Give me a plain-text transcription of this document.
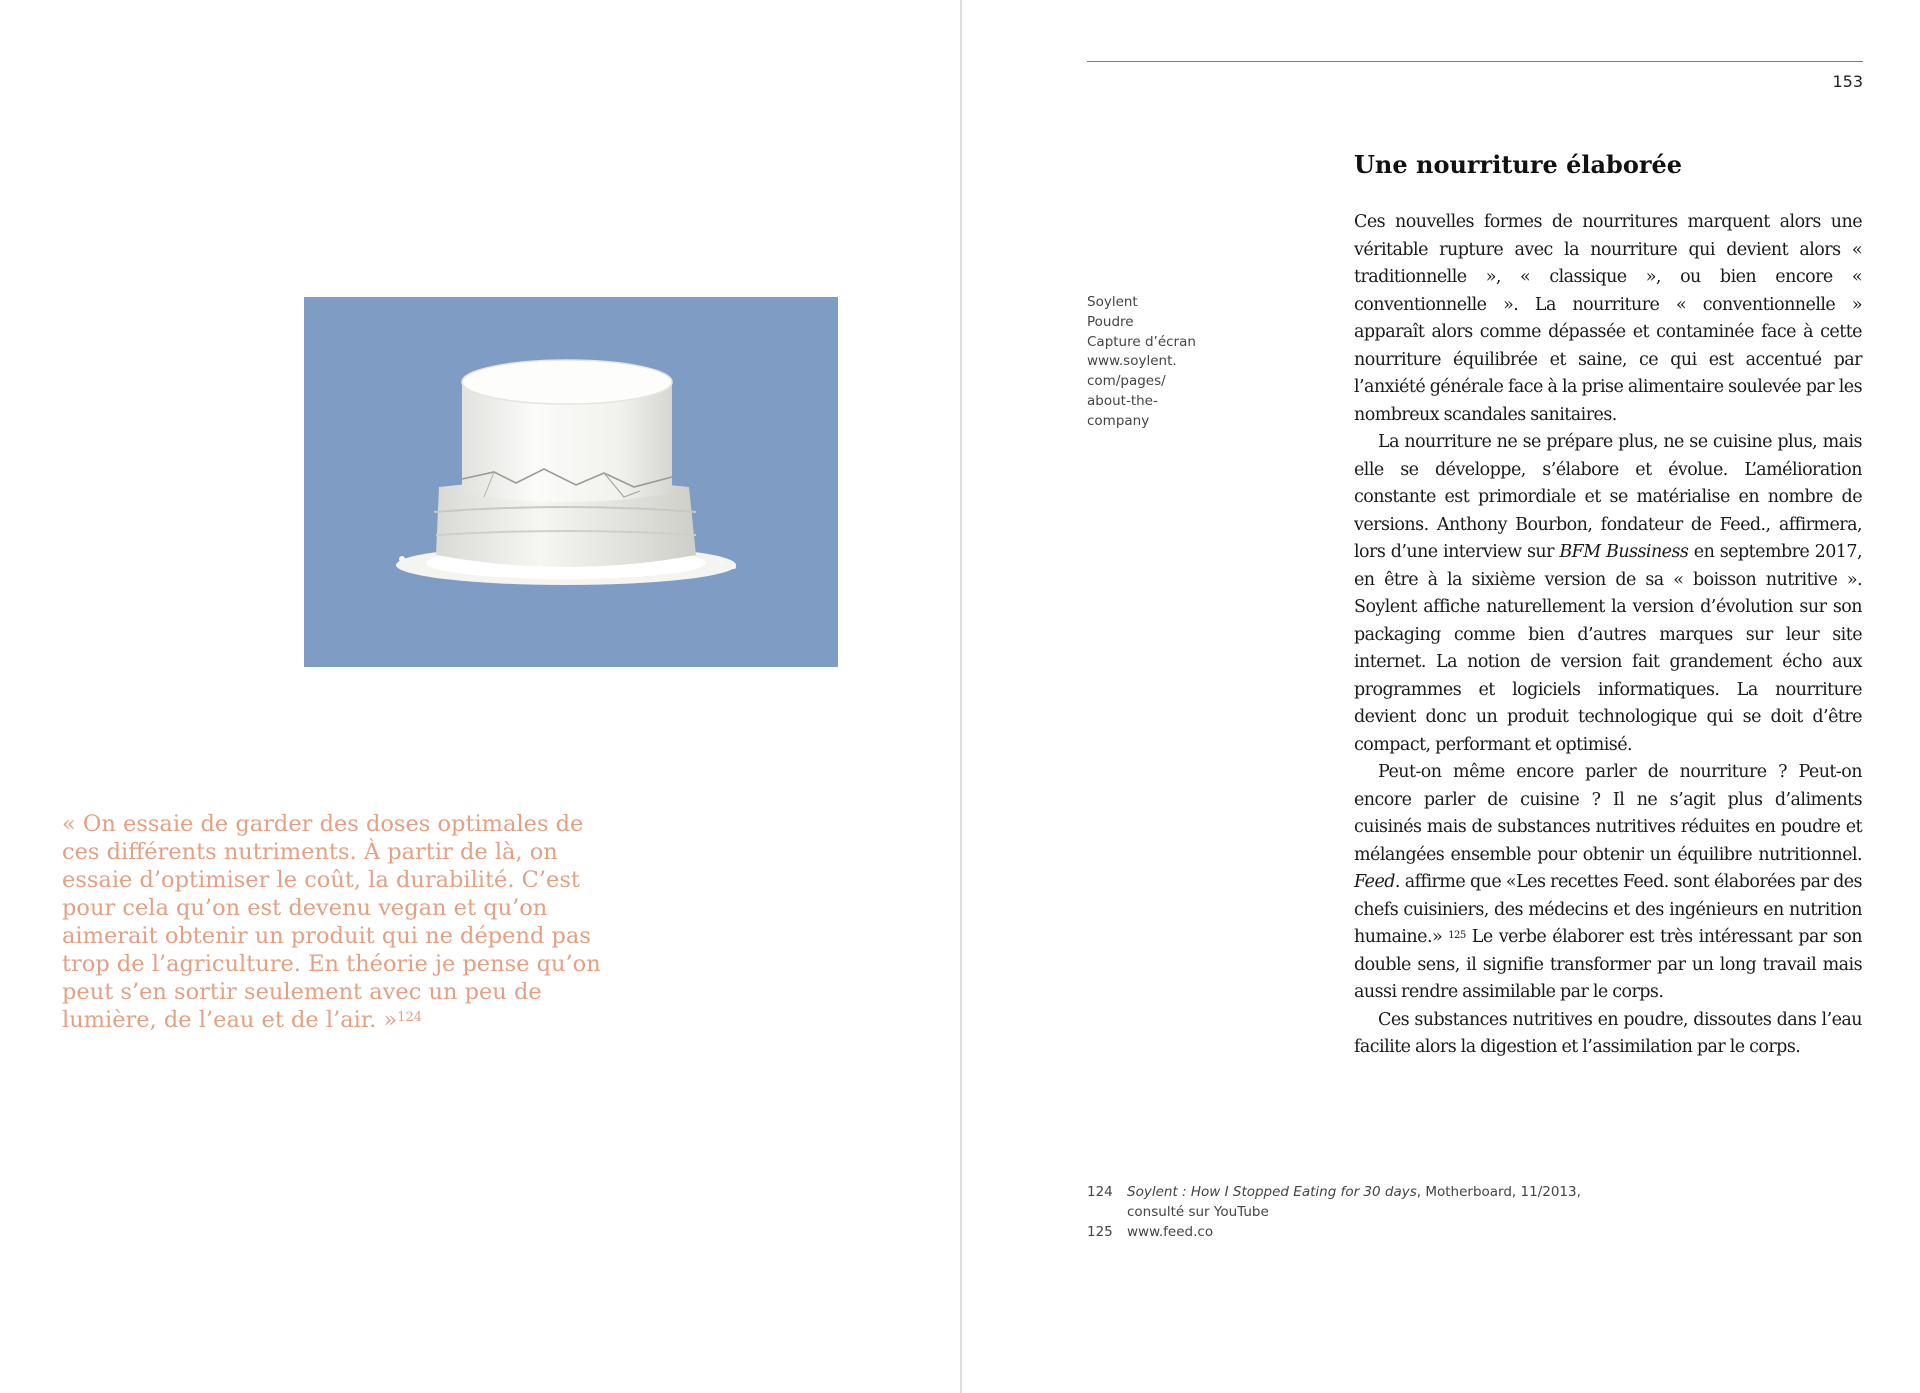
« On essaie de garder des doses optimales de ces différents nutriments. À partir de là, on essaie d’optimiser le coût, la durabilité. C’est pour cela qu’on est devenu vegan et qu’on aimerait obtenir un produit qui ne dépend pas trop de l’agriculture. En théorie je pense qu’on peut s’en sortir seulement avec un peu de lumière, de l’eau et de l’air. »$^{124}$

153
Soylent
Poudre
Capture d’écran
www.soylent.
com/pages/
about-the-
company
Une nourriture élaborée

Ces nouvelles formes de nourritures marquent alors une véritable rupture avec la nourriture qui devient alors « traditionnelle », « classique », ou bien encore « conventionnelle ». La nourriture « conventionnelle » apparaît alors comme dépassée et contaminée face à cette nourriture équilibrée et saine, ce qui est accentué par l’anxiété générale face à la prise alimentaire soulevée par les nombreux scandales sanitaires.

La nourriture ne se prépare plus, ne se cuisine plus, mais elle se développe, s’élabore et évolue. L’amélioration constante est primordiale et se matérialise en nombre de versions. Anthony Bourbon, fondateur de Feed., affirmera, lors d’une interview sur BFM Bussiness en septembre 2017, en être à la sixième version de sa « boisson nutritive ». Soylent affiche naturellement la version d’évolution sur son packaging comme bien d’autres marques sur leur site internet. La notion de version fait grandement écho aux programmes et logiciels informatiques. La nourriture devient donc un produit technologique qui se doit d’être compact, performant et optimisé.

Peut-on même encore parler de nourriture ? Peut-on encore parler de cuisine ? Il ne s’agit plus d’aliments cuisinés mais de substances nutritives réduites en poudre et mélangées ensemble pour obtenir un équilibre nutritionnel. Feed. affirme que «Les recettes Feed. sont élaborées par des chefs cuisiniers, des médecins et des ingénieurs en nutrition humaine.» $^{125}$ Le verbe élaborer est très intéressant par son double sens, il signifie transformer par un long travail mais aussi rendre assimilable par le corps.

Ces substances nutritives en poudre, dissoutes dans l’eau facilite alors la digestion et l’assimilation par le corps.

124	Soylent : How I Stopped Eating for 30 days, Motherboard, 11/2013, consulté sur YouTube
125	www.feed.co
